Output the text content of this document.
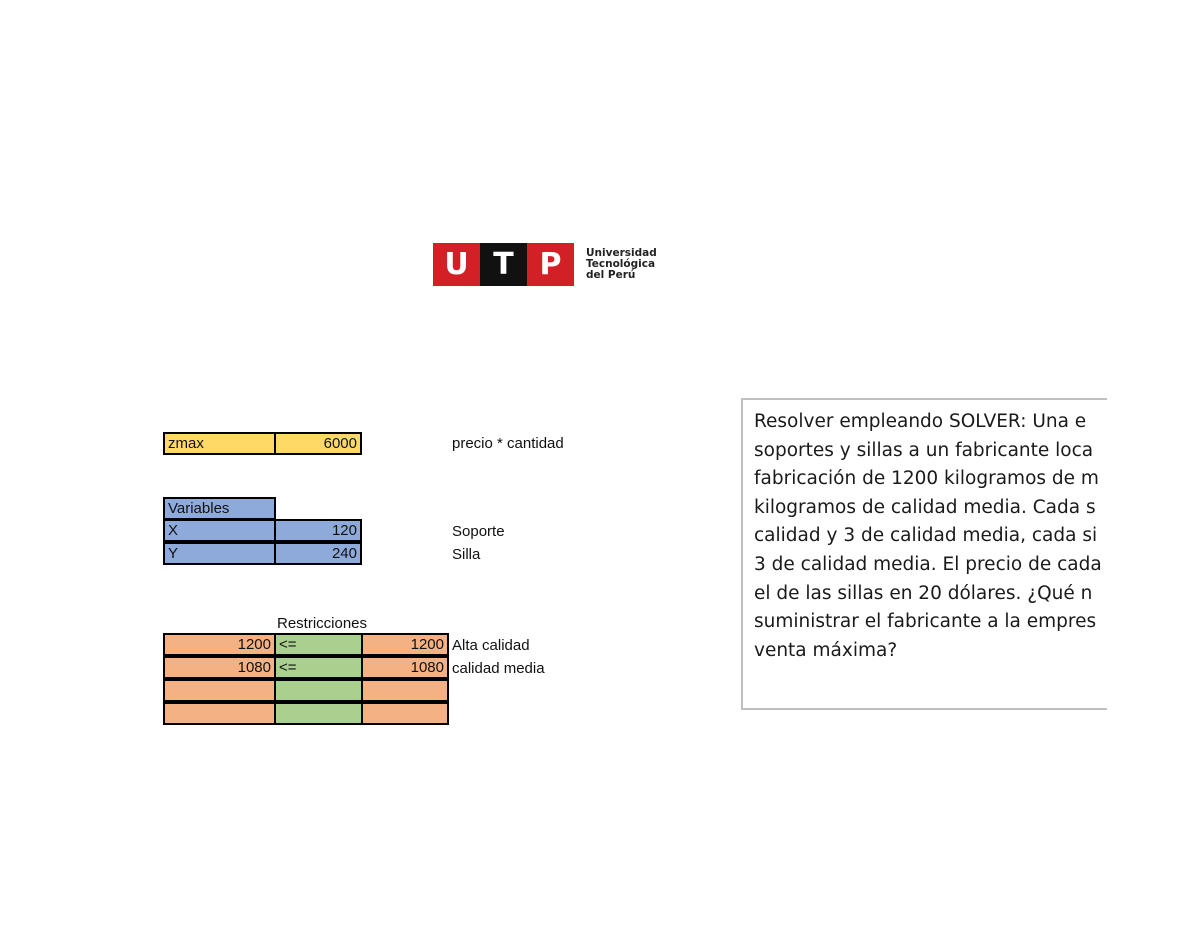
U T P	Universidad
Tecnológica
del Perú
zmax	6000	precio * cantidad
Variables
X	120	Soporte
Y	240	Silla
Restricciones
1200 <=	1200 Alta calidad
1080 <=	1080 calidad media
Resolver empleando SOLVER: Una e
soportes y sillas a un fabricante loca
fabricación de 1200 kilogramos de m
kilogramos de calidad media. Cada s
calidad y 3 de calidad media, cada si
3 de calidad media. El precio de cada
el de las sillas en 20 dólares. ¿Qué n
suministrar el fabricante a la empres
venta máxima?
